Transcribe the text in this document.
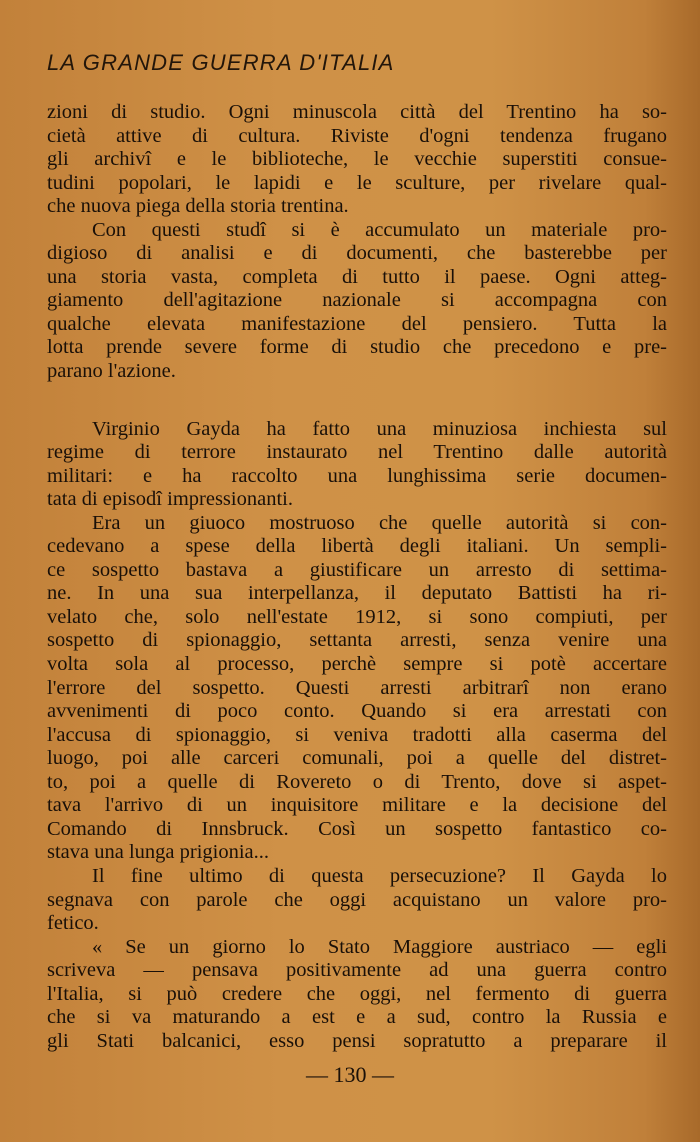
LA GRANDE GUERRA D'ITALIA
zioni di studio. Ogni minuscola città del Trentino ha so-
cietà attive di cultura. Riviste d'ogni tendenza frugano
gli archivî e le biblioteche, le vecchie superstiti consue-
tudini popolari, le lapidi e le sculture, per rivelare qual-
che nuova piega della storia trentina.
Con questi studî si è accumulato un materiale pro-
digioso di analisi e di documenti, che basterebbe per
una storia vasta, completa di tutto il paese. Ogni atteg-
giamento dell'agitazione nazionale si accompagna con
qualche elevata manifestazione del pensiero. Tutta la
lotta prende severe forme di studio che precedono e pre-
parano l'azione.
Virginio Gayda ha fatto una minuziosa inchiesta sul
regime di terrore instaurato nel Trentino dalle autorità
militari: e ha raccolto una lunghissima serie documen-
tata di episodî impressionanti.
Era un giuoco mostruoso che quelle autorità si con-
cedevano a spese della libertà degli italiani. Un sempli-
ce sospetto bastava a giustificare un arresto di settima-
ne. In una sua interpellanza, il deputato Battisti ha ri-
velato che, solo nell'estate 1912, si sono compiuti, per
sospetto di spionaggio, settanta arresti, senza venire una
volta sola al processo, perchè sempre si potè accertare
l'errore del sospetto. Questi arresti arbitrarî non erano
avvenimenti di poco conto. Quando si era arrestati con
l'accusa di spionaggio, si veniva tradotti alla caserma del
luogo, poi alle carceri comunali, poi a quelle del distret-
to, poi a quelle di Rovereto o di Trento, dove si aspet-
tava l'arrivo di un inquisitore militare e la decisione del
Comando di Innsbruck. Così un sospetto fantastico co-
stava una lunga prigionia...
Il fine ultimo di questa persecuzione? Il Gayda lo
segnava con parole che oggi acquistano un valore pro-
fetico.
« Se un giorno lo Stato Maggiore austriaco — egli
scriveva — pensava positivamente ad una guerra contro
l'Italia, si può credere che oggi, nel fermento di guerra
che si va maturando a est e a sud, contro la Russia e
gli Stati balcanici, esso pensi sopratutto a preparare il
— 130 —
